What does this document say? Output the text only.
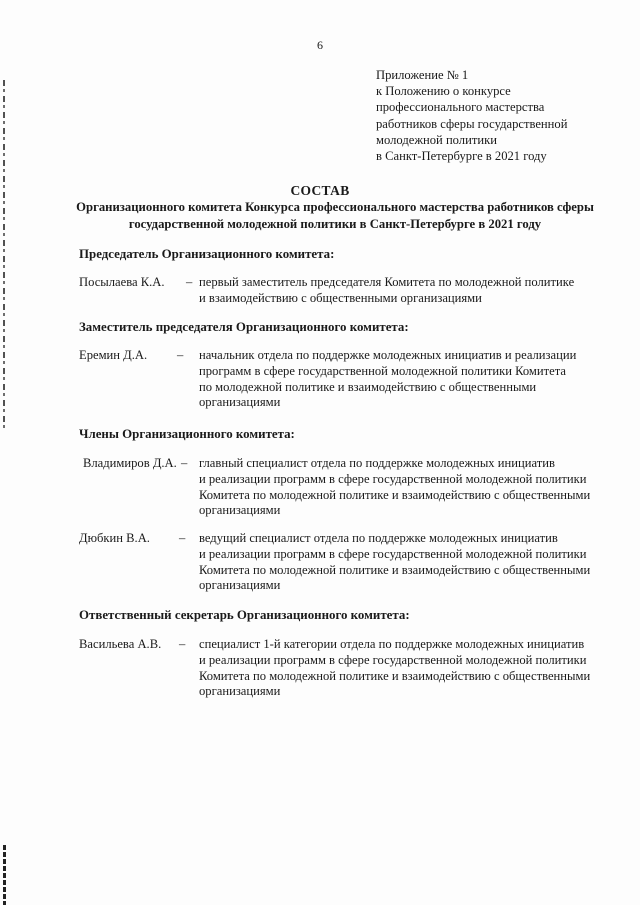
6
Приложение № 1
к Положению о конкурсе
профессионального мастерства
работников сферы государственной
молодежной политики
в Санкт-Петербурге в 2021 году
СОСТАВ
Организационного комитета Конкурса профессионального мастерства работников сферы
государственной молодежной политики в Санкт-Петербурге в 2021 году
Председатель Организационного комитета:
Посылаева К.А. – первый заместитель председателя Комитета по молодежной политике
и взаимодействию с общественными организациями
Заместитель председателя Организационного комитета:
Еремин Д.А. – начальник отдела по поддержке молодежных инициатив и реализации
программ в сфере государственной молодежной политики Комитета
по молодежной политике и взаимодействию с общественными
организациями
Члены Организационного комитета:
Владимиров Д.А. – главный специалист отдела по поддержке молодежных инициатив
и реализации программ в сфере государственной молодежной политики
Комитета по молодежной политике и взаимодействию с общественными
организациями
Дюбкин В.А. – ведущий специалист отдела по поддержке молодежных инициатив
и реализации программ в сфере государственной молодежной политики
Комитета по молодежной политике и взаимодействию с общественными
организациями
Ответственный секретарь Организационного комитета:
Васильева А.В. – специалист 1-й категории отдела по поддержке молодежных инициатив
и реализации программ в сфере государственной молодежной политики
Комитета по молодежной политике и взаимодействию с общественными
организациями
